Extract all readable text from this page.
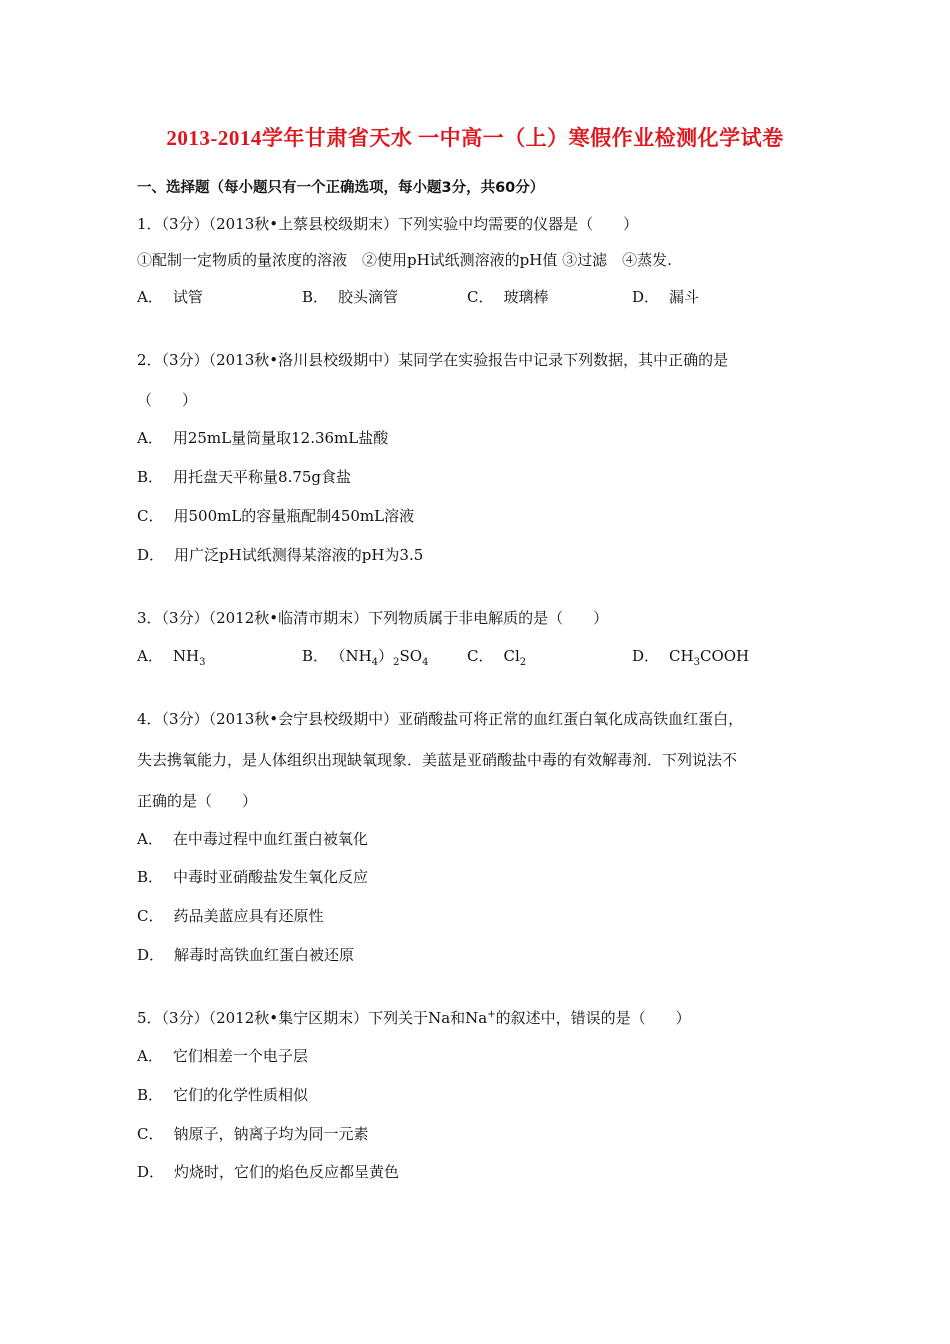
2013-2014学年甘肃省天水 一中高一（上）寒假作业检测化学试卷
一、选择题（每小题只有一个正确选项，每小题3分，共60分）
1．（3分）（2013秋•上蔡县校级期末）下列实验中均需要的仪器是（　　）
①配制一定物质的量浓度的溶液　②使用pH试纸测溶液的pH值 ③过滤　④蒸发.
A． 试管	B． 胶头滴管	C． 玻璃棒	D． 漏斗
2．（3分）（2013秋•洛川县校级期中）某同学在实验报告中记录下列数据，其中正确的是
（　　）
A． 用25mL量筒量取12.36mL盐酸
B． 用托盘天平称量8.75g食盐
C． 用500mL的容量瓶配制450mL溶液
D． 用广泛pH试纸测得某溶液的pH为3.5
3．（3分）（2012秋•临清市期末）下列物质属于非电解质的是（　　）
A． $NH_3$	B． $(NH_4)_2SO_4$	C． $Cl_2$	D． $CH_3COOH$
4．（3分）（2013秋•会宁县校级期中）亚硝酸盐可将正常的血红蛋白氧化成高铁血红蛋白，
失去携氧能力，是人体组织出现缺氧现象．美蓝是亚硝酸盐中毒的有效解毒剂．下列说法不
正确的是（　　）
A． 在中毒过程中血红蛋白被氧化
B． 中毒时亚硝酸盐发生氧化反应
C． 药品美蓝应具有还原性
D． 解毒时高铁血红蛋白被还原
5．（3分）（2012秋•集宁区期末）下列关于Na和Na+的叙述中，错误的是（　　）
A． 它们相差一个电子层
B． 它们的化学性质相似
C． 钠原子，钠离子均为同一元素
D． 灼烧时，它们的焰色反应都呈黄色
